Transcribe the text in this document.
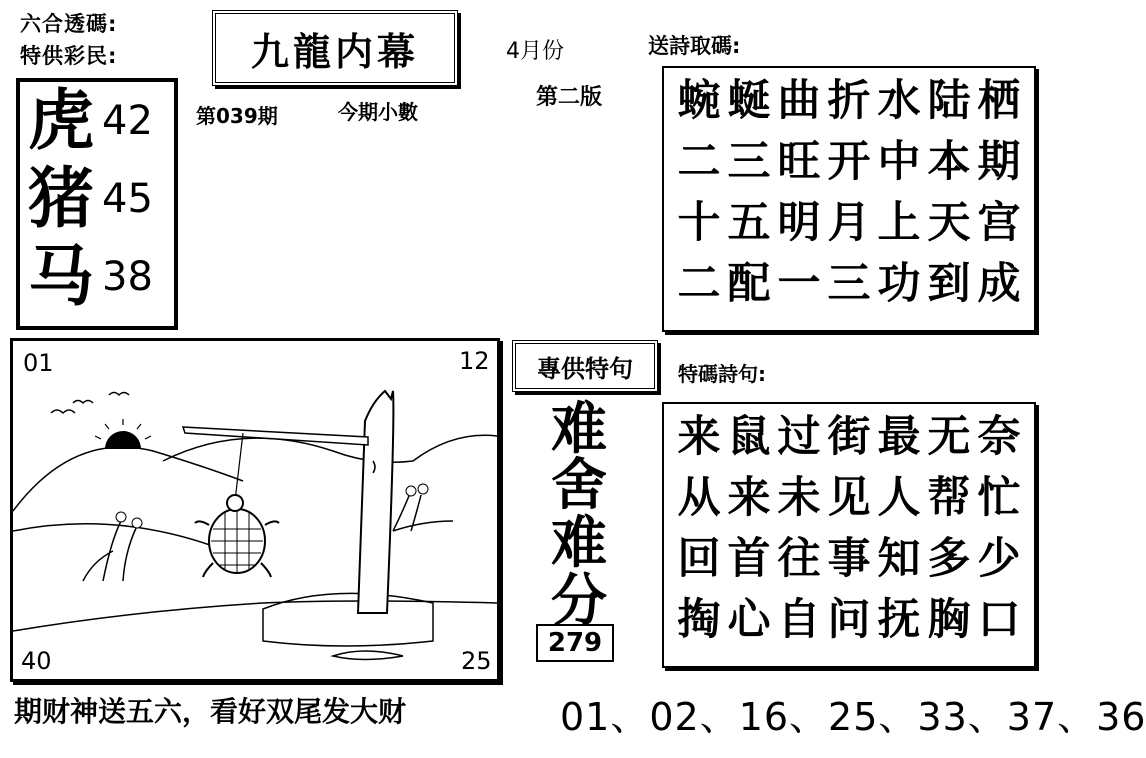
六合透碼:
特供彩民:	九龍内幕	4月份
第二版
送詩取碼:
第039期	今期小數
虎 42
猪 45
马 38
蜿 蜒 曲 折 水 陆 栖
二 三 旺 开 中 本 期
十 五 明 月 上 天 宫
二 配 一 三 功 到 成
01	12
40	25
專供特句 特碼詩句:
难
舍
难
分
279
来 鼠 过 街 最 无 奈
从 来 未 见 人 帮 忙
回 首 往 事 知 多 少
掏 心 自 问 抚 胸 口
期财神送五六，看好双尾发大财	01、02、16、25、33、37、36
